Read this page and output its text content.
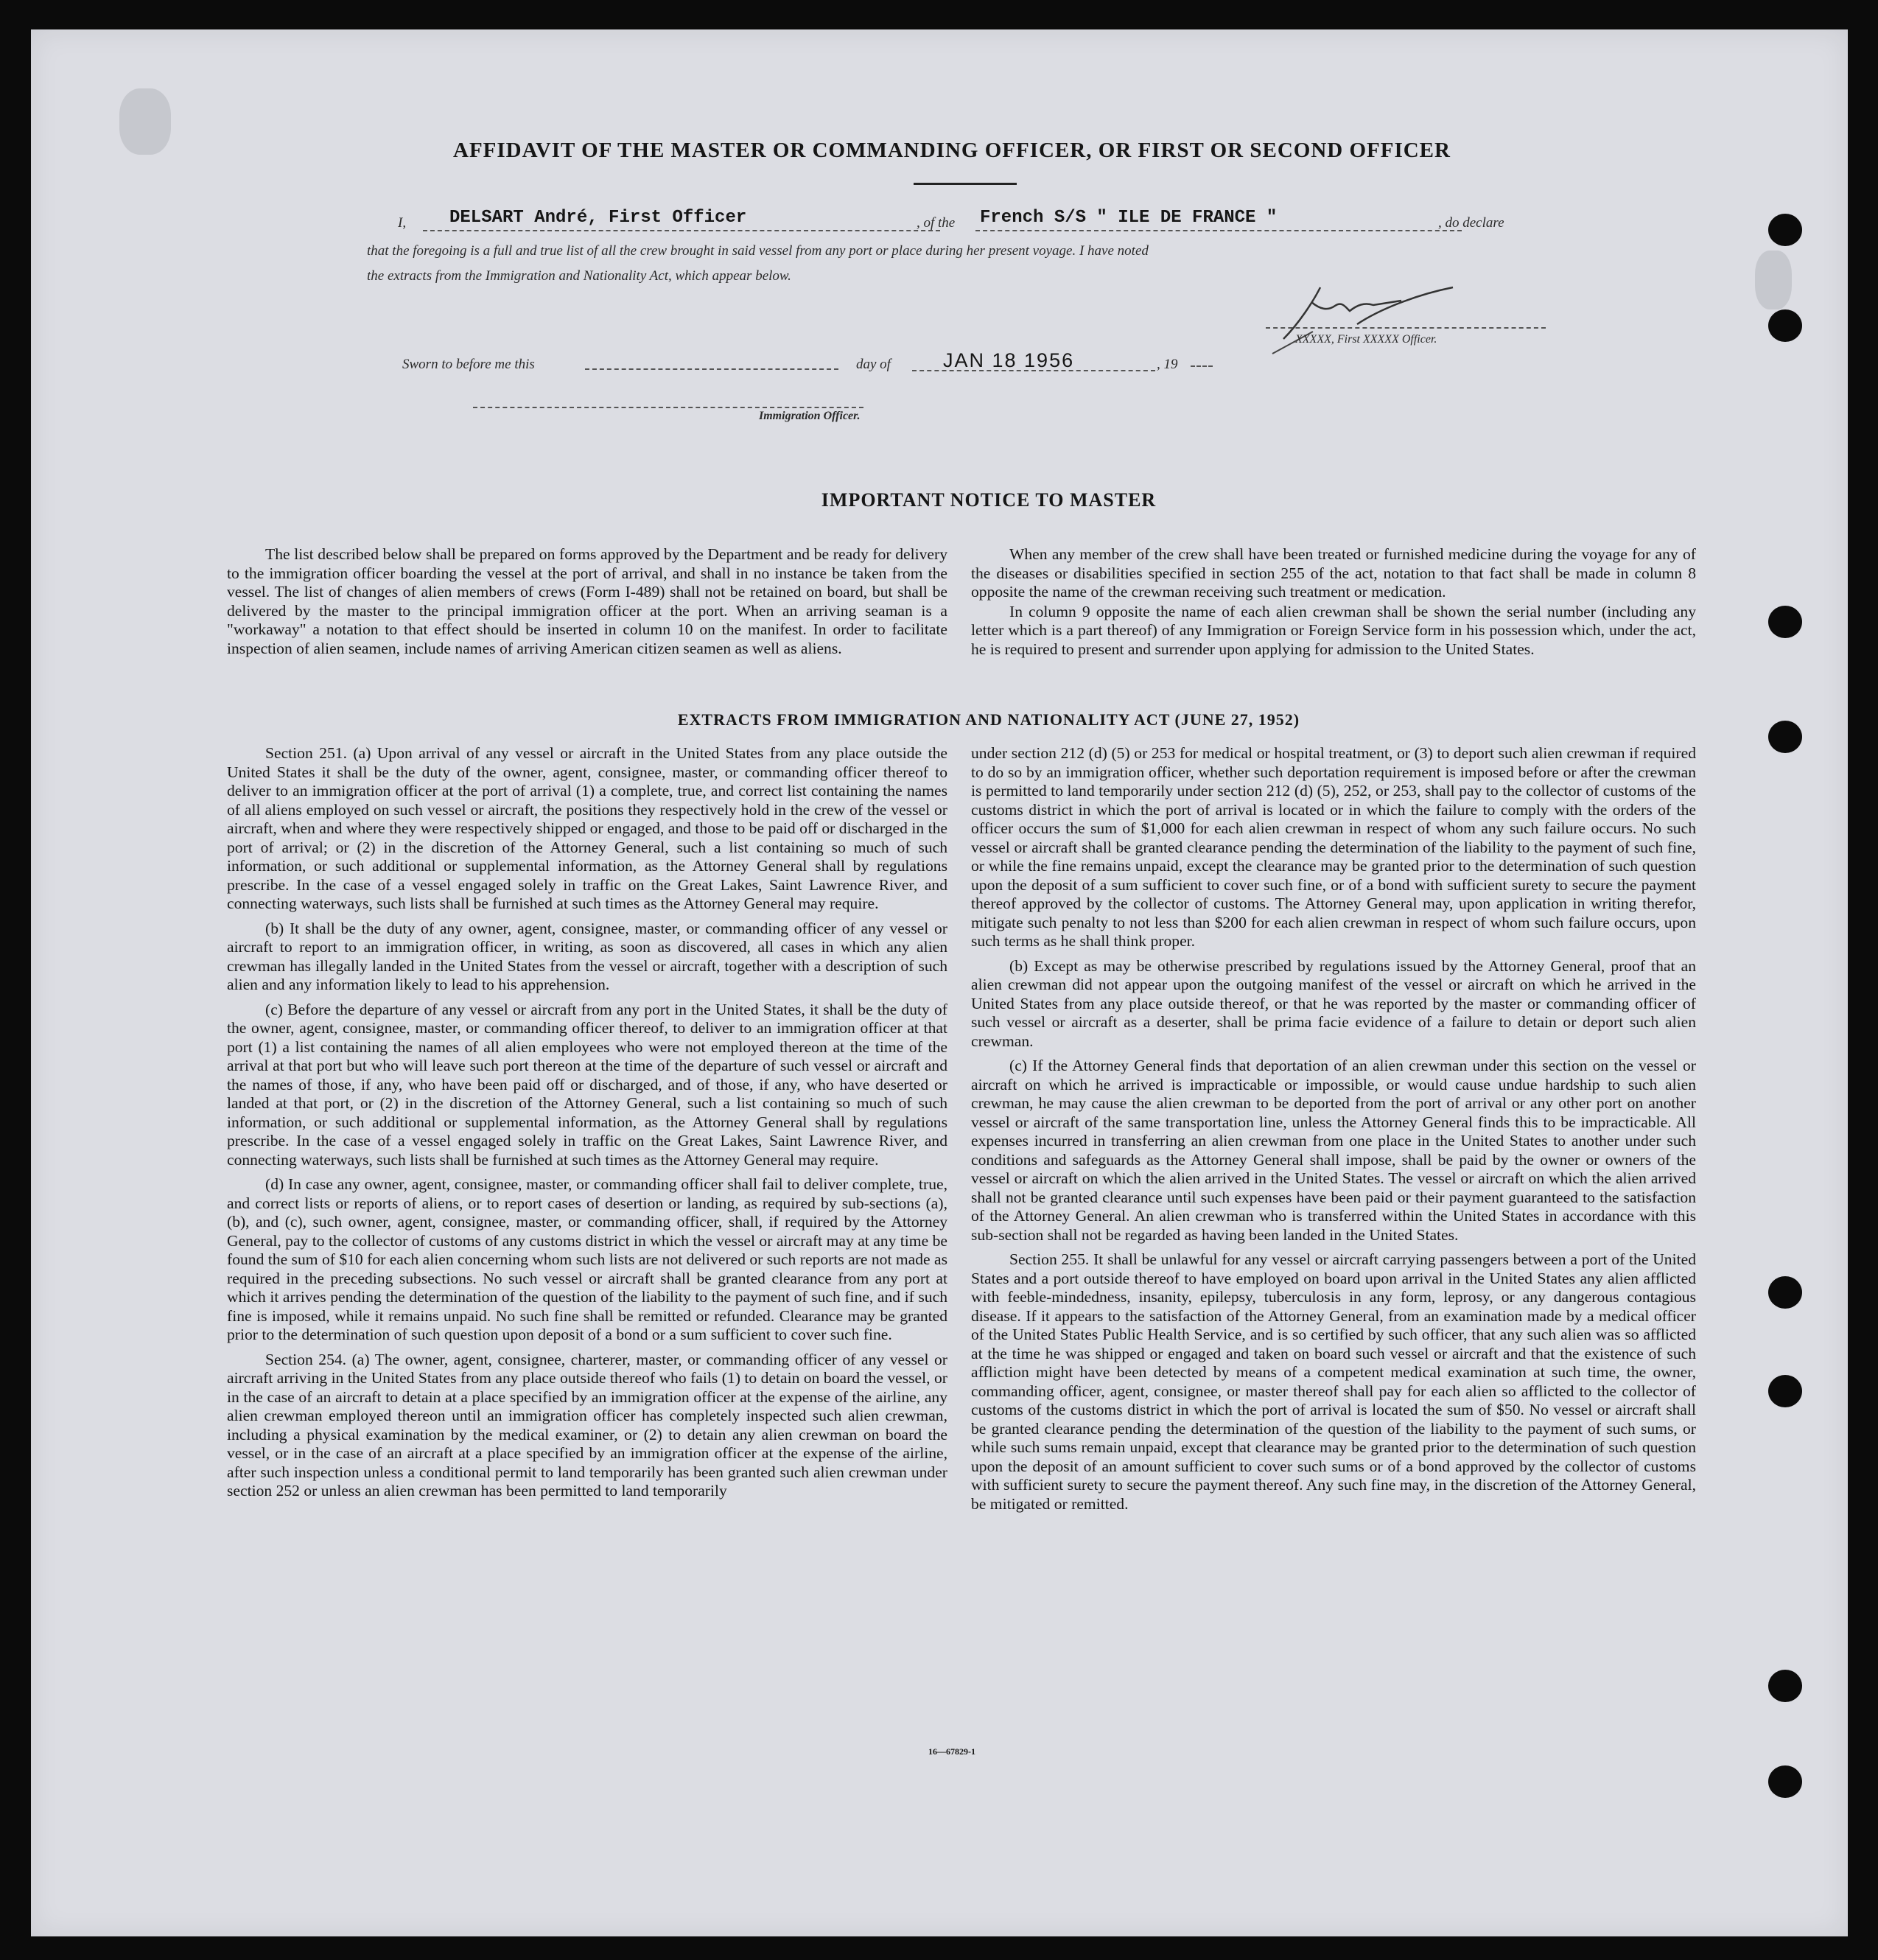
AFFIDAVIT OF THE MASTER OR COMMANDING OFFICER, OR FIRST OR SECOND OFFICER
I,	DELSART André, First Officer	, of the French S/S " ILE DE FRANCE "	, do declare
that the foregoing is a full and true list of all the crew brought in said vessel from any port or place during her present voyage. I have noted
the extracts from the Immigration and Nationality Act, which appear below.
XXXXX, First XXXXX Officer.
Sworn to before me this	day of	JAN 18 1956	, 19
Immigration Officer.
IMPORTANT NOTICE TO MASTER

The list described below shall be prepared on forms approved by the Department and be ready for delivery to the immigration officer boarding the vessel at the port of arrival, and shall in no instance be taken from the vessel. The list of changes of alien members of crews (Form I-489) shall not be retained on board, but shall be delivered by the master to the principal immigration officer at the port. When an arriving seaman is a "workaway" a notation to that effect should be inserted in column 10 on the manifest. In order to facilitate inspection of alien seamen, include names of arriving American citizen seamen as well as aliens.

When any member of the crew shall have been treated or furnished medicine during the voyage for any of the diseases or disabilities specified in section 255 of the act, notation to that fact shall be made in column 8 opposite the name of the crewman receiving such treatment or medication.

In column 9 opposite the name of each alien crewman shall be shown the serial number (including any letter which is a part thereof) of any Immigration or Foreign Service form in his possession which, under the act, he is required to present and surrender upon applying for admission to the United States.

EXTRACTS FROM IMMIGRATION AND NATIONALITY ACT (JUNE 27, 1952)

Section 251. (a) Upon arrival of any vessel or aircraft in the United States from any place outside the United States it shall be the duty of the owner, agent, consignee, master, or commanding officer thereof to deliver to an immigration officer at the port of arrival (1) a complete, true, and correct list containing the names of all aliens employed on such vessel or aircraft, the positions they respectively hold in the crew of the vessel or aircraft, when and where they were respectively shipped or engaged, and those to be paid off or discharged in the port of arrival; or (2) in the discretion of the Attorney General, such a list containing so much of such information, or such additional or supplemental information, as the Attorney General shall by regulations prescribe. In the case of a vessel engaged solely in traffic on the Great Lakes, Saint Lawrence River, and connecting waterways, such lists shall be furnished at such times as the Attorney General may require.

(b) It shall be the duty of any owner, agent, consignee, master, or commanding officer of any vessel or aircraft to report to an immigration officer, in writing, as soon as discovered, all cases in which any alien crewman has illegally landed in the United States from the vessel or aircraft, together with a description of such alien and any information likely to lead to his apprehension.

(c) Before the departure of any vessel or aircraft from any port in the United States, it shall be the duty of the owner, agent, consignee, master, or commanding officer thereof, to deliver to an immigration officer at that port (1) a list containing the names of all alien employees who were not employed thereon at the time of the arrival at that port but who will leave such port thereon at the time of the departure of such vessel or aircraft and the names of those, if any, who have been paid off or discharged, and of those, if any, who have deserted or landed at that port, or (2) in the discretion of the Attorney General, such a list containing so much of such information, or such additional or supplemental information, as the Attorney General shall by regulations prescribe. In the case of a vessel engaged solely in traffic on the Great Lakes, Saint Lawrence River, and connecting waterways, such lists shall be furnished at such times as the Attorney General may require.

(d) In case any owner, agent, consignee, master, or commanding officer shall fail to deliver complete, true, and correct lists or reports of aliens, or to report cases of desertion or landing, as required by sub-sections (a), (b), and (c), such owner, agent, consignee, master, or commanding officer, shall, if required by the Attorney General, pay to the collector of customs of any customs district in which the vessel or aircraft may at any time be found the sum of $10 for each alien concerning whom such lists are not delivered or such reports are not made as required in the preceding subsections. No such vessel or aircraft shall be granted clearance from any port at which it arrives pending the determination of the question of the liability to the payment of such fine, and if such fine is imposed, while it remains unpaid. No such fine shall be remitted or refunded. Clearance may be granted prior to the determination of such question upon deposit of a bond or a sum sufficient to cover such fine.

Section 254. (a) The owner, agent, consignee, charterer, master, or commanding officer of any vessel or aircraft arriving in the United States from any place outside thereof who fails (1) to detain on board the vessel, or in the case of an aircraft to detain at a place specified by an immigration officer at the expense of the airline, any alien crewman employed thereon until an immigration officer has completely inspected such alien crewman, including a physical examination by the medical examiner, or (2) to detain any alien crewman on board the vessel, or in the case of an aircraft at a place specified by an immigration officer at the expense of the airline, after such inspection unless a conditional permit to land temporarily has been granted such alien crewman under section 252 or unless an alien crewman has been permitted to land temporarily

under section 212 (d) (5) or 253 for medical or hospital treatment, or (3) to deport such alien crewman if required to do so by an immigration officer, whether such deportation requirement is imposed before or after the crewman is permitted to land temporarily under section 212 (d) (5), 252, or 253, shall pay to the collector of customs of the customs district in which the port of arrival is located or in which the failure to comply with the orders of the officer occurs the sum of $1,000 for each alien crewman in respect of whom any such failure occurs. No such vessel or aircraft shall be granted clearance pending the determination of the liability to the payment of such fine, or while the fine remains unpaid, except the clearance may be granted prior to the determination of such question upon the deposit of a sum sufficient to cover such fine, or of a bond with sufficient surety to secure the payment thereof approved by the collector of customs. The Attorney General may, upon application in writing therefor, mitigate such penalty to not less than $200 for each alien crewman in respect of whom such failure occurs, upon such terms as he shall think proper.

(b) Except as may be otherwise prescribed by regulations issued by the Attorney General, proof that an alien crewman did not appear upon the outgoing manifest of the vessel or aircraft on which he arrived in the United States from any place outside thereof, or that he was reported by the master or commanding officer of such vessel or aircraft as a deserter, shall be prima facie evidence of a failure to detain or deport such alien crewman.

(c) If the Attorney General finds that deportation of an alien crewman under this section on the vessel or aircraft on which he arrived is impracticable or impossible, or would cause undue hardship to such alien crewman, he may cause the alien crewman to be deported from the port of arrival or any other port on another vessel or aircraft of the same transportation line, unless the Attorney General finds this to be impracticable. All expenses incurred in transferring an alien crewman from one place in the United States to another under such conditions and safeguards as the Attorney General shall impose, shall be paid by the owner or owners of the vessel or aircraft on which the alien arrived in the United States. The vessel or aircraft on which the alien arrived shall not be granted clearance until such expenses have been paid or their payment guaranteed to the satisfaction of the Attorney General. An alien crewman who is transferred within the United States in accordance with this sub-section shall not be regarded as having been landed in the United States.

Section 255. It shall be unlawful for any vessel or aircraft carrying passengers between a port of the United States and a port outside thereof to have employed on board upon arrival in the United States any alien afflicted with feeble-mindedness, insanity, epilepsy, tuberculosis in any form, leprosy, or any dangerous contagious disease. If it appears to the satisfaction of the Attorney General, from an examination made by a medical officer of the United States Public Health Service, and is so certified by such officer, that any such alien was so afflicted at the time he was shipped or engaged and taken on board such vessel or aircraft and that the existence of such affliction might have been detected by means of a competent medical examination at such time, the owner, commanding officer, agent, consignee, or master thereof shall pay for each alien so afflicted to the collector of customs of the customs district in which the port of arrival is located the sum of $50. No vessel or aircraft shall be granted clearance pending the determination of the question of the liability to the payment of such sums, or while such sums remain unpaid, except that clearance may be granted prior to the determination of such question upon the deposit of an amount sufficient to cover such sums or of a bond approved by the collector of customs with sufficient surety to secure the payment thereof. Any such fine may, in the discretion of the Attorney General, be mitigated or remitted.

16—67829-1
